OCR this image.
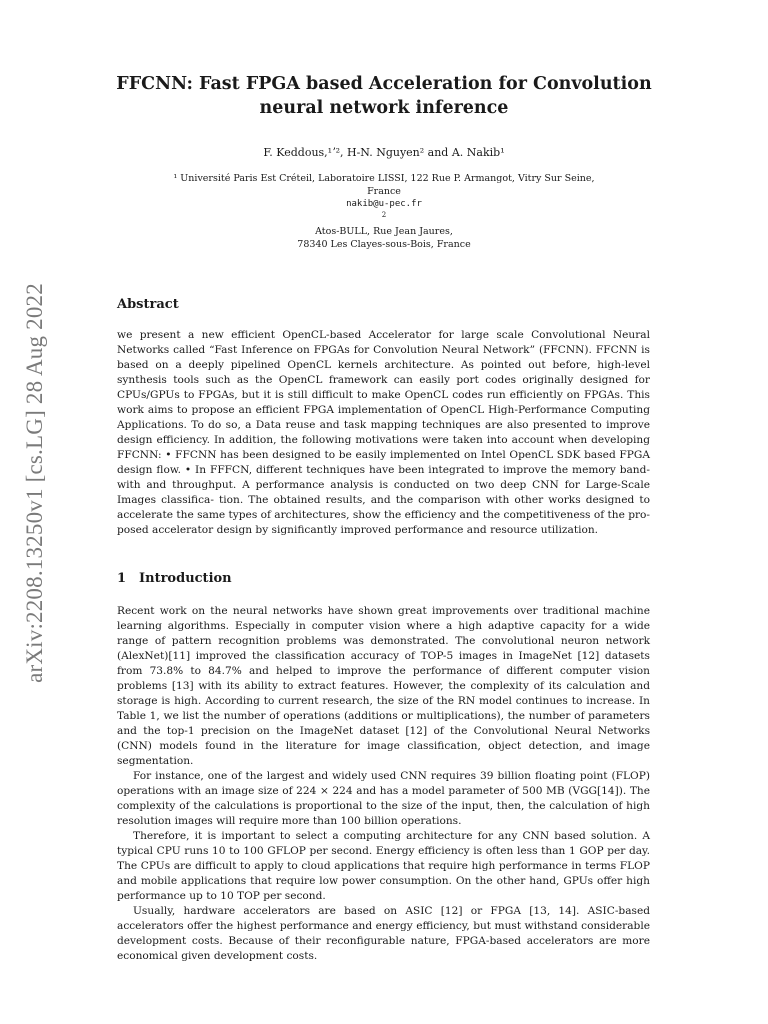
arXiv:2208.13250v1 [cs.LG] 28 Aug 2022
FFCNN: Fast FPGA based Acceleration for Convolution
neural network inference
F. Keddous,¹ʼ², H-N. Nguyen² and A. Nakib¹

¹ Université Paris Est Créteil, Laboratoire LISSI, 122 Rue P. Armangot, Vitry Sur Seine, France

nakib@u-pec.fr

2

Atos-BULL, Rue Jean Jaures,

78340 Les Clayes-sous-Bois, France

Abstract

we present a new efficient OpenCL-based Accelerator for large scale Convolutional Neural Networks called “Fast Inference on FPGAs for Convolution Neural Network” (FFCNN). FFCNN is based on a deeply pipelined OpenCL kernels architecture. As pointed out before, high-level synthesis tools such as the OpenCL framework can easily port codes originally designed for CPUs/GPUs to FPGAs, but it is still difficult to make OpenCL codes run efficiently on FPGAs. This work aims to propose an efficient FPGA implementation of OpenCL High-Performance Computing Applications. To do so, a Data reuse and task mapping techniques are also presented to improve design efficiency. In addition, the following motivations were taken into account when developing FFCNN: • FFCNN has been designed to be easily implemented on Intel OpenCL SDK based FPGA design flow. • In FFFCN, different techniques have been integrated to improve the memory band- with and throughput. A performance analysis is conducted on two deep CNN for Large-Scale Images classifica- tion. The obtained results, and the comparison with other works designed to accelerate the same types of architectures, show the efficiency and the competitiveness of the pro- posed accelerator design by significantly improved performance and resource utilization.

1 Introduction

Recent work on the neural networks have shown great improvements over traditional machine learning algorithms. Especially in computer vision where a high adaptive capacity for a wide range of pattern recognition problems was demonstrated. The convolutional neuron network (AlexNet)[11] improved the classification accuracy of TOP-5 images in ImageNet [12] datasets from 73.8% to 84.7% and helped to improve the performance of different computer vision problems [13] with its ability to extract features. However, the complexity of its calculation and storage is high. According to current research, the size of the RN model continues to increase. In Table 1, we list the number of operations (additions or multiplications), the number of parameters and the top-1 precision on the ImageNet dataset [12] of the Convolutional Neural Networks (CNN) models found in the literature for image classification, object detection, and image segmentation.

For instance, one of the largest and widely used CNN requires 39 billion floating point (FLOP) operations with an image size of 224 × 224 and has a model parameter of 500 MB (VGG[14]). The complexity of the calculations is proportional to the size of the input, then, the calculation of high resolution images will require more than 100 billion operations.

Therefore, it is important to select a computing architecture for any CNN based solution. A typical CPU runs 10 to 100 GFLOP per second. Energy efficiency is often less than 1 GOP per day. The CPUs are difficult to apply to cloud applications that require high performance in terms FLOP and mobile applications that require low power consumption. On the other hand, GPUs offer high performance up to 10 TOP per second.

Usually, hardware accelerators are based on ASIC [12] or FPGA [13, 14]. ASIC-based accelerators offer the highest performance and energy efficiency, but must withstand considerable development costs. Because of their reconfigurable nature, FPGA-based accelerators are more economical given development costs.
